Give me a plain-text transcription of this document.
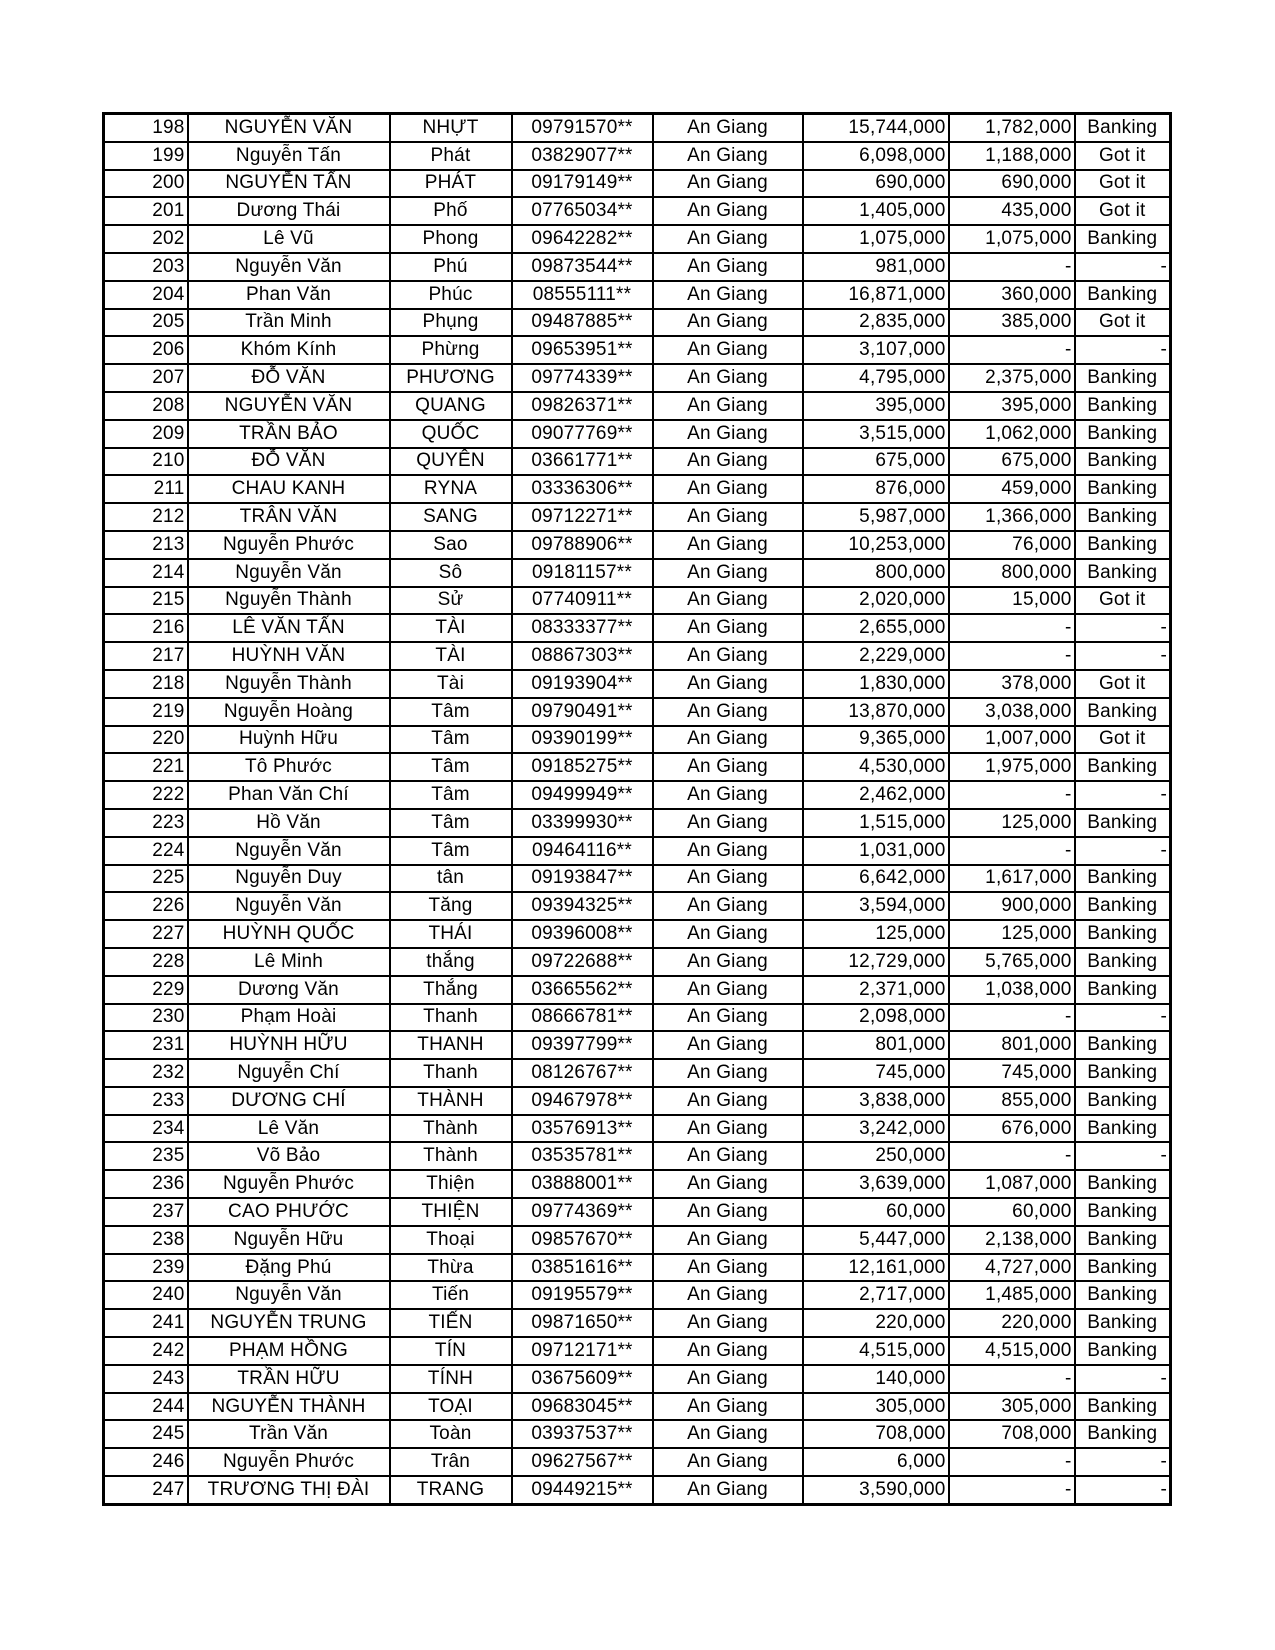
198	NGUYỄN VĂN	NHỰT	09791570**	An Giang	15,744,000	1,782,000	Banking
199	Nguyễn Tấn	Phát	03829077**	An Giang	6,098,000	1,188,000	Got it
200	NGUYỄN TẤN	PHÁT	09179149**	An Giang	690,000	690,000	Got it
201	Dương Thái	Phố	07765034**	An Giang	1,405,000	435,000	Got it
202	Lê Vũ	Phong	09642282**	An Giang	1,075,000	1,075,000	Banking
203	Nguyễn Văn	Phú	09873544**	An Giang	981,000	-	-
204	Phan Văn	Phúc	08555111**	An Giang	16,871,000	360,000	Banking
205	Trần Minh	Phụng	09487885**	An Giang	2,835,000	385,000	Got it
206	Khóm Kính	Phừng	09653951**	An Giang	3,107,000	-	-
207	ĐỖ VĂN	PHƯƠNG	09774339**	An Giang	4,795,000	2,375,000	Banking
208	NGUYỄN VĂN	QUANG	09826371**	An Giang	395,000	395,000	Banking
209	TRẦN BẢO	QUỐC	09077769**	An Giang	3,515,000	1,062,000	Banking
210	ĐỖ VĂN	QUYÊN	03661771**	An Giang	675,000	675,000	Banking
211	CHAU KANH	RYNA	03336306**	An Giang	876,000	459,000	Banking
212	TRÂN VĂN	SANG	09712271**	An Giang	5,987,000	1,366,000	Banking
213	Nguyễn Phước	Sao	09788906**	An Giang	10,253,000	76,000	Banking
214	Nguyễn Văn	Sô	09181157**	An Giang	800,000	800,000	Banking
215	Nguyễn Thành	Sử	07740911**	An Giang	2,020,000	15,000	Got it
216	LÊ VĂN TẤN	TÀI	08333377**	An Giang	2,655,000	-	-
217	HUỲNH VĂN	TÀI	08867303**	An Giang	2,229,000	-	-
218	Nguyễn Thành	Tài	09193904**	An Giang	1,830,000	378,000	Got it
219	Nguyễn Hoàng	Tâm	09790491**	An Giang	13,870,000	3,038,000	Banking
220	Huỳnh Hữu	Tâm	09390199**	An Giang	9,365,000	1,007,000	Got it
221	Tô Phước	Tâm	09185275**	An Giang	4,530,000	1,975,000	Banking
222	Phan Văn Chí	Tâm	09499949**	An Giang	2,462,000	-	-
223	Hồ Văn	Tâm	03399930**	An Giang	1,515,000	125,000	Banking
224	Nguyễn Văn	Tâm	09464116**	An Giang	1,031,000	-	-
225	Nguyễn Duy	tân	09193847**	An Giang	6,642,000	1,617,000	Banking
226	Nguyễn Văn	Tăng	09394325**	An Giang	3,594,000	900,000	Banking
227	HUỲNH QUỐC	THÁI	09396008**	An Giang	125,000	125,000	Banking
228	Lê Minh	thắng	09722688**	An Giang	12,729,000	5,765,000	Banking
229	Dương Văn	Thắng	03665562**	An Giang	2,371,000	1,038,000	Banking
230	Phạm Hoài	Thanh	08666781**	An Giang	2,098,000	-	-
231	HUỲNH HỮU	THANH	09397799**	An Giang	801,000	801,000	Banking
232	Nguyễn Chí	Thanh	08126767**	An Giang	745,000	745,000	Banking
233	DƯƠNG CHÍ	THÀNH	09467978**	An Giang	3,838,000	855,000	Banking
234	Lê Văn	Thành	03576913**	An Giang	3,242,000	676,000	Banking
235	Võ Bảo	Thành	03535781**	An Giang	250,000	-	-
236	Nguyễn Phước	Thiện	03888001**	An Giang	3,639,000	1,087,000	Banking
237	CAO PHƯỚC	THIỆN	09774369**	An Giang	60,000	60,000	Banking
238	Nguyễn Hữu	Thoại	09857670**	An Giang	5,447,000	2,138,000	Banking
239	Đặng Phú	Thừa	03851616**	An Giang	12,161,000	4,727,000	Banking
240	Nguyễn Văn	Tiến	09195579**	An Giang	2,717,000	1,485,000	Banking
241	NGUYỄN TRUNG	TIẾN	09871650**	An Giang	220,000	220,000	Banking
242	PHẠM HỒNG	TÍN	09712171**	An Giang	4,515,000	4,515,000	Banking
243	TRẦN HỮU	TÍNH	03675609**	An Giang	140,000	-	-
244	NGUYỄN THÀNH	TOẠI	09683045**	An Giang	305,000	305,000	Banking
245	Trần Văn	Toàn	03937537**	An Giang	708,000	708,000	Banking
246	Nguyễn Phước	Trân	09627567**	An Giang	6,000	-	-
247	TRƯƠNG THỊ ĐÀI	TRANG	09449215**	An Giang	3,590,000	-	-
